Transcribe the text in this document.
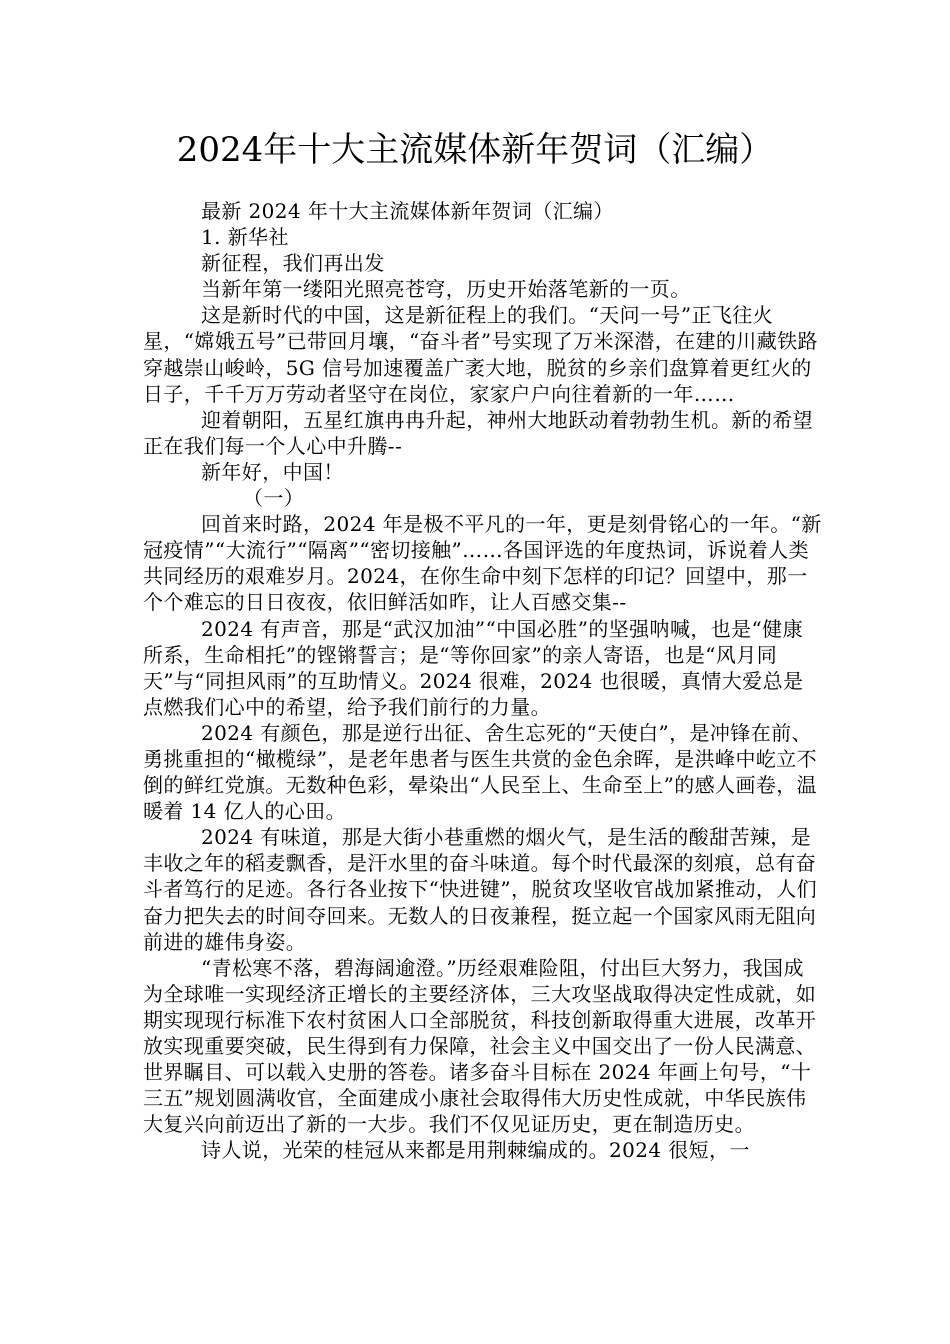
2024年十大主流媒体新年贺词（汇编）

最新 2024 年十大主流媒体新年贺词（汇编）

1. 新华社

新征程，我们再出发

当新年第一缕阳光照亮苍穹，历史开始落笔新的一页。

这是新时代的中国，这是新征程上的我们。“天问一号”正飞往火星，“嫦娥五号”已带回月壤，“奋斗者”号实现了万米深潜，在建的川藏铁路穿越崇山峻岭，5G 信号加速覆盖广袤大地，脱贫的乡亲们盘算着更红火的日子，千千万万劳动者坚守在岗位，家家户户向往着新的一年……

迎着朝阳，五星红旗冉冉升起，神州大地跃动着勃勃生机。新的希望正在我们每一个人心中升腾--

新年好，中国！

（一）

回首来时路，2024 年是极不平凡的一年，更是刻骨铭心的一年。“新冠疫情”“大流行”“隔离”“密切接触”……各国评选的年度热词，诉说着人类共同经历的艰难岁月。2024，在你生命中刻下怎样的印记？回望中，那一个个难忘的日日夜夜，依旧鲜活如昨，让人百感交集--

2024 有声音，那是“武汉加油”“中国必胜”的坚强呐喊，也是“健康所系，生命相托”的铿锵誓言；是“等你回家”的亲人寄语，也是“风月同天”与“同担风雨”的互助情义。2024 很难，2024 也很暖，真情大爱总是点燃我们心中的希望，给予我们前行的力量。

2024 有颜色，那是逆行出征、舍生忘死的“天使白”，是冲锋在前、勇挑重担的“橄榄绿”，是老年患者与医生共赏的金色余晖，是洪峰中屹立不倒的鲜红党旗。无数种色彩，晕染出“人民至上、生命至上”的感人画卷，温暖着 14 亿人的心田。

2024 有味道，那是大街小巷重燃的烟火气，是生活的酸甜苦辣，是丰收之年的稻麦飘香，是汗水里的奋斗味道。每个时代最深的刻痕，总有奋斗者笃行的足迹。各行各业按下“快进键”，脱贫攻坚收官战加紧推动，人们奋力把失去的时间夺回来。无数人的日夜兼程，挺立起一个国家风雨无阻向前进的雄伟身姿。

“青松寒不落，碧海阔逾澄。”历经艰难险阻，付出巨大努力，我国成为全球唯一实现经济正增长的主要经济体，三大攻坚战取得决定性成就，如期实现现行标准下农村贫困人口全部脱贫，科技创新取得重大进展，改革开放实现重要突破，民生得到有力保障，社会主义中国交出了一份人民满意、世界瞩目、可以载入史册的答卷。诸多奋斗目标在 2024 年画上句号，“十三五”规划圆满收官，全面建成小康社会取得伟大历史性成就，中华民族伟大复兴向前迈出了新的一大步。我们不仅见证历史，更在制造历史。

诗人说，光荣的桂冠从来都是用荆棘编成的。2024 很短，一
